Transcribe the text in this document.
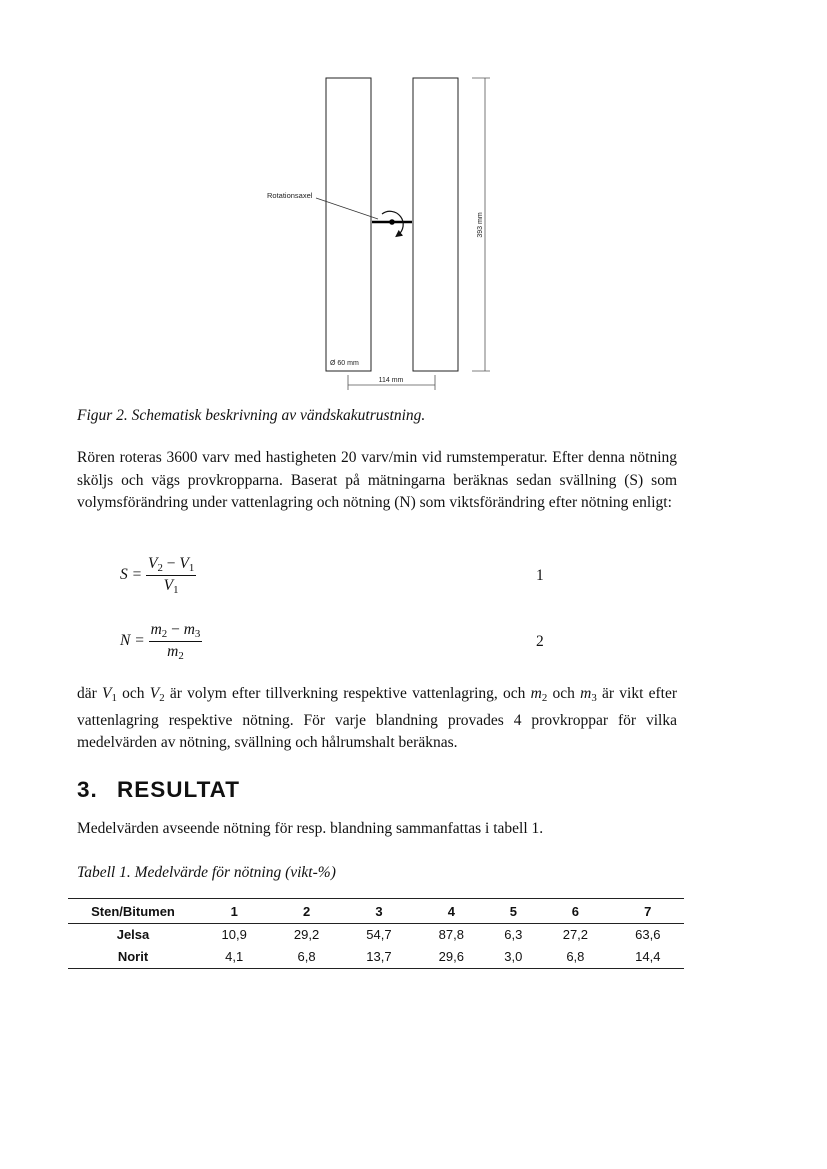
393 mm
Rotationsaxel
Ø 60 mm
114 mm

Figur 2. Schematisk beskrivning av vändskakutrustning.

Rören roteras 3600 varv med hastigheten 20 varv/min vid rumstemperatur. Efter denna nötning sköljs och vägs provkropparna. Baserat på mätningarna beräknas sedan svällning (S) som volymsförändring under vattenlagring och nötning (N) som viktsförändring efter nötning enligt:

$S = \frac{V_2 - V_1}{V_1}$	1
$N = \frac{m_2 - m_3}{m_2}$	2

där $V_1$ och $V_2$ är volym efter tillverkning respektive vattenlagring, och $m_2$ och $m_3$ är vikt efter vattenlagring respektive nötning. För varje blandning provades 4 provkroppar för vilka medelvärden av nötning, svällning och hålrumshalt beräknas.

3. RESULTAT

Medelvärden avseende nötning för resp. blandning sammanfattas i tabell 1.

Tabell 1. Medelvärde för nötning (vikt-%)

Sten/Bitumen	1	2	3	4	5	6	7
Jelsa	10,9	29,2	54,7	87,8	6,3	27,2	63,6
Norit	4,1	6,8	13,7	29,6	3,0	6,8	14,4
